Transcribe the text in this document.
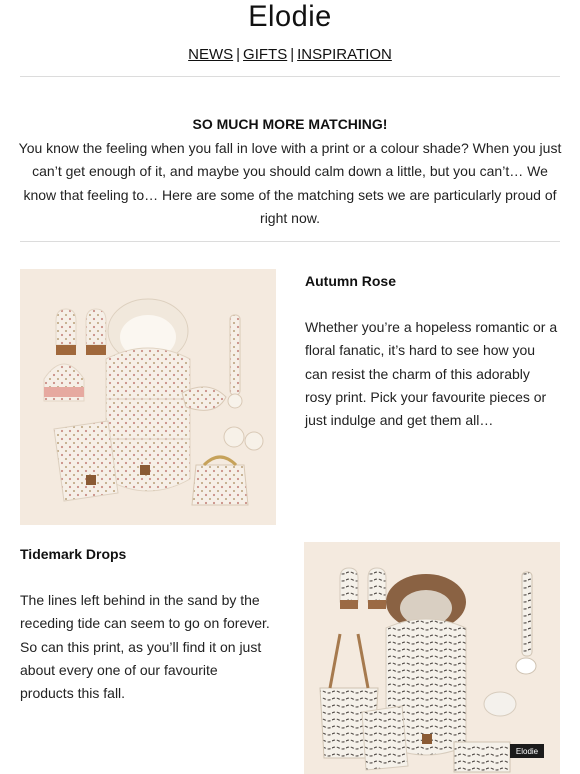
Elodie
NEWS | GIFTS | INSPIRATION
SO MUCH MORE MATCHING!
You know the feeling when you fall in love with a print or a colour shade? When you just can’t get enough of it, and maybe you should calm down a little, but you can’t… We know that feeling to… Here are some of the matching sets we are particularly proud of right now.
Autumn Rose
Whether you’re a hopeless romantic or a floral fanatic, it’s hard to see how you can resist the charm of this adorably rosy print. Pick your favourite pieces or just indulge and get them all…
Tidemark Drops
The lines left behind in the sand by the receding tide can seem to go on forever. So can this print, as you’ll find it on just about every one of our favourite products this fall.
Elodie
